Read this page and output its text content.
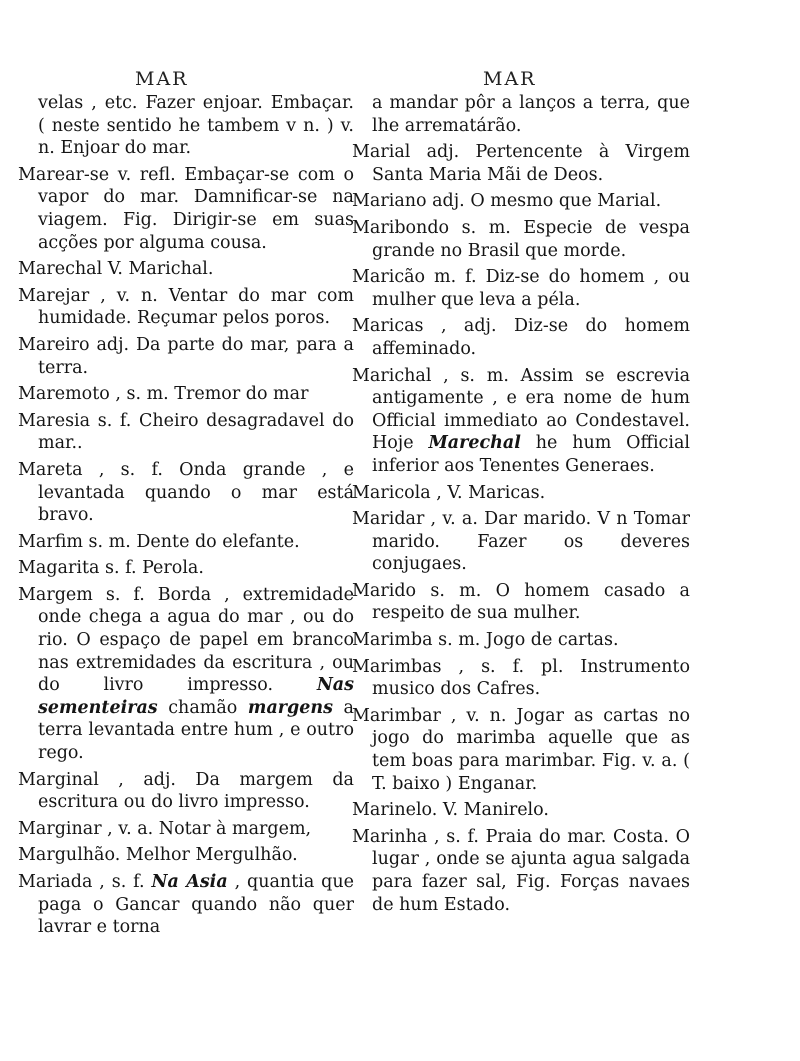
MAR	MAR

velas , etc. Fazer enjoar. Embaçar. ( neste sentido he tambem v n. ) v. n. Enjoar do mar.

Marear-se v. refl. Embaçar-se com o vapor do mar. Damnificar-se na viagem. Fig. Dirigir-se em suas acções por alguma cousa.

Marechal V. Marichal.

Marejar , v. n. Ventar do mar com humidade. Reçumar pelos poros.

Mareiro adj. Da parte do mar, para a terra.

Maremoto , s. m. Tremor do mar

Maresia s. f. Cheiro desagradavel do mar..

Mareta , s. f. Onda grande , e levantada quando o mar está bravo.

Marfim s. m. Dente do elefante.

Magarita s. f. Perola.

Margem s. f. Borda , extremidade onde chega a agua do mar , ou do rio. O espaço de papel em branco nas extremidades da escritura , ou do livro impresso. Nas sementeiras chamão margens a terra levantada entre hum , e outro rego.

Marginal , adj. Da margem da escritura ou do livro impresso.

Marginar , v. a. Notar à margem,

Margulhão. Melhor Mergulhão.

Mariada , s. f. Na Asia , quantia que paga o Gancar quando não quer lavrar e torna

a mandar pôr a lanços a terra, que lhe arrematárão.

Marial adj. Pertencente à Virgem Santa Maria Mãi de Deos.

Mariano adj. O mesmo que Marial.

Maribondo s. m. Especie de vespa grande no Brasil que morde.

Maricão m. f. Diz-se do homem , ou mulher que leva a péla.

Maricas , adj. Diz-se do homem affeminado.

Marichal , s. m. Assim se escrevia antigamente , e era nome de hum Official immediato ao Condestavel. Hoje Marechal he hum Official inferior aos Tenentes Generaes.

Maricola , V. Maricas.

Maridar , v. a. Dar marido. V n Tomar marido. Fazer os deveres conjugaes.

Marido s. m. O homem casado a respeito de sua mulher.

Marimba s. m. Jogo de cartas.

Marimbas , s. f. pl. Instrumento musico dos Cafres.

Marimbar , v. n. Jogar as cartas no jogo do marimba aquelle que as tem boas para marimbar. Fig. v. a. ( T. baixo ) Enganar.

Marinelo. V. Manirelo.

Marinha , s. f. Praia do mar. Costa. O lugar , onde se ajunta agua salgada para fazer sal, Fig. Forças navaes de hum Estado.
